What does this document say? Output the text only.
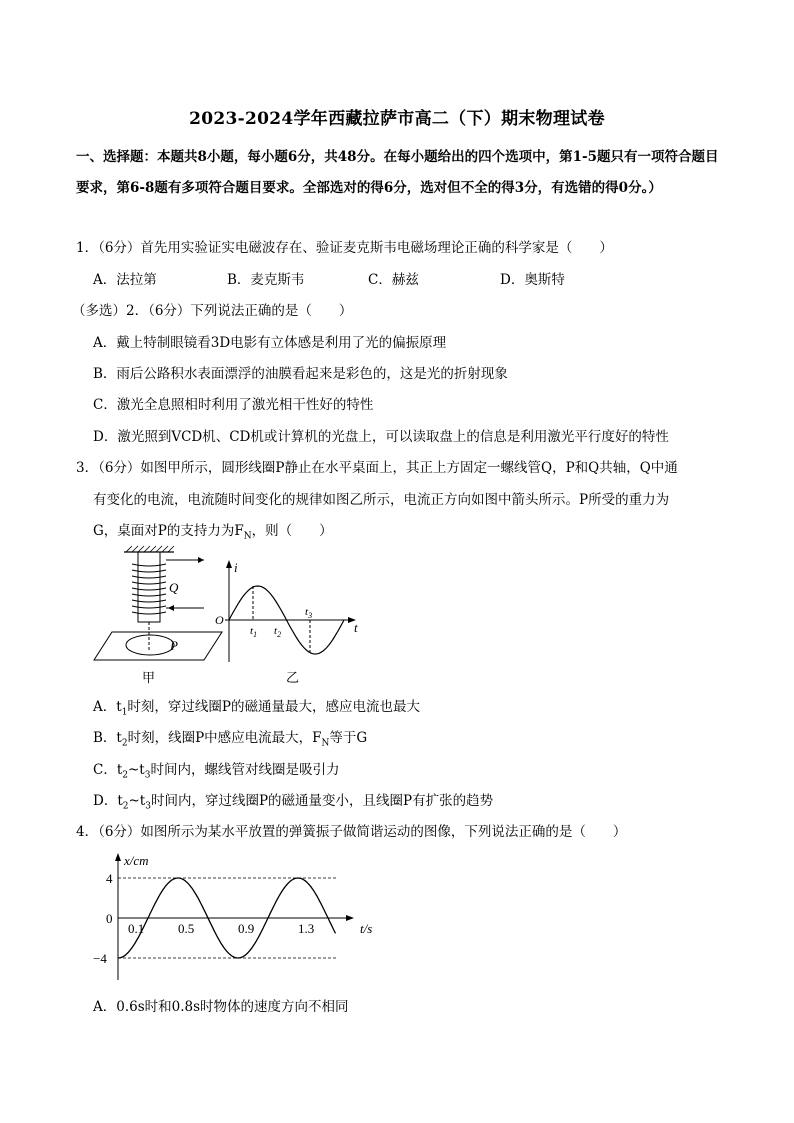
2023-2024学年西藏拉萨市高二（下）期末物理试卷
一、选择题：本题共8小题，每小题6分，共48分。在每小题给出的四个选项中，第1-5题只有一项符合题目要求，第6-8题有多项符合题目要求。全部选对的得6分，选对但不全的得3分，有选错的得0分。）
1．（6分）首先用实验证实电磁波存在、验证麦克斯韦电磁场理论正确的科学家是（　　）
A．法拉第	B．麦克斯韦	C．赫兹	D．奥斯特
（多选）2．（6分）下列说法正确的是（　　）
A．戴上特制眼镜看3D电影有立体感是利用了光的偏振原理
B．雨后公路积水表面漂浮的油膜看起来是彩色的，这是光的折射现象
C．激光全息照相时利用了激光相干性好的特性
D．激光照到VCD机、CD机或计算机的光盘上，可以读取盘上的信息是利用激光平行度好的特性
3．（6分）如图甲所示，圆形线圈P静止在水平桌面上，其正上方固定一螺线管Q，P和Q共轴，Q中通
有变化的电流，电流随时间变化的规律如图乙所示，电流正方向如图中箭头所示。P所受的重力为
G，桌面对P的支持力为$F_N$，则（　　）
Q
P
甲
i
O	t
$t_1$ $t_2$
$t_3$
乙
A．$t_1$时刻，穿过线圈P的磁通量最大，感应电流也最大
B．$t_2$时刻，线圈P中感应电流最大，$F_N$等于G
C．$t_2\sim t_3$时间内，螺线管对线圈是吸引力
D．$t_2\sim t_3$时间内，穿过线圈P的磁通量变小，且线圈P有扩张的趋势
4．（6分）如图所示为某水平放置的弹簧振子做简谐运动的图像，下列说法正确的是（　　）
x/cm
t/s
4
0
−4
0.1	0.5	0.9	1.3
A．0.6s时和0.8s时物体的速度方向不相同
